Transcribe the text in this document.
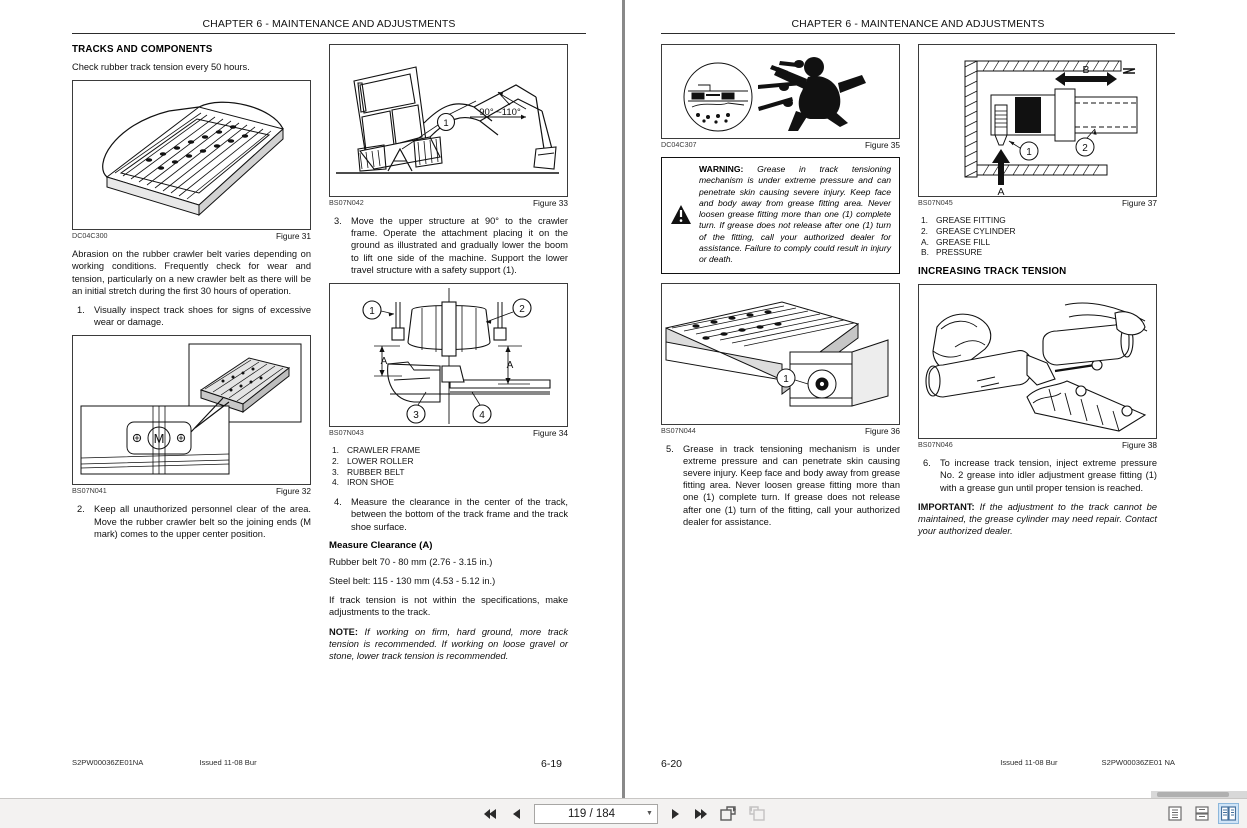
CHAPTER 6 - MAINTENANCE AND ADJUSTMENTS
TRACKS AND COMPONENTS

Check rubber track tension every 50 hours.

DC04C300	Figure 31

Abrasion on the rubber crawler belt varies depending on working conditions. Frequently check for wear and tension, particularly on a new crawler belt as there will be an initial stretch during the first 30 hours of operation.

1. Visually inspect track shoes for signs of excessive wear or damage.
M
BS07N041	Figure 32
2. Keep all unauthorized personnel clear of the area. Move the rubber crawler belt so the joining ends (M mark) comes to the upper center position.
1
90° ~110°
BS07N042	Figure 33
3. Move the upper structure at 90° to the crawler frame. Operate the attachment placing it on the ground as illustrated and gradually lower the boom to lift one side of the machine. Support the lower travel structure with a safety support (1).
1	2
3	4
A	A
BS07N043	Figure 34
1. CRAWLER FRAME
2. LOWER ROLLER
3. RUBBER BELT
4. IRON SHOE
4. Measure the clearance in the center of the track, between the bottom of the track frame and the track shoe surface.
Measure Clearance (A)

Rubber belt 70 - 80 mm (2.76 - 3.15 in.)

Steel belt: 115 - 130 mm (4.53 - 5.12 in.)

If track tension is not within the specifications, make adjustments to the track.

NOTE: If working on firm, hard ground, more track tension is recommended. If working on loose gravel or stone, lower track tension is recommended.

S2PW00036ZE01NA	Issued 11-08 Bur	6-19
CHAPTER 6 - MAINTENANCE AND ADJUSTMENTS
DC04C307	Figure 35

WARNING: Grease in track tensioning mechanism is under extreme pressure and can penetrate skin causing severe injury. Keep face and body away from grease fitting area. Never loosen grease fitting more than one (1) complete turn. If grease does not release after one (1) turn of the fitting, call your authorized dealer for assistance. Failure to comply could result in injury or death.

1
BS07N044	Figure 36
5. Grease in track tensioning mechanism is under extreme pressure and can penetrate skin causing severe injury. Keep face and body away from grease fitting area. Never loosen grease fitting more than one (1) complete turn. If grease does not release after one (1) turn of the fitting, call your authorized dealer for assistance.
1	2
A
B
BS07N045	Figure 37
1. GREASE FITTING
2. GREASE CYLINDER
A. GREASE FILL
B. PRESSURE
INCREASING TRACK TENSION
BS07N046	Figure 38
6. To increase track tension, inject extreme pressure No. 2 grease into idler adjustment grease fitting (1) with a grease gun until proper tension is reached.

IMPORTANT: If the adjustment to the track cannot be maintained, the grease cylinder may need repair. Contact your authorized dealer.

6-20	Issued 11-08 Bur	S2PW00036ZE01 NA
119 / 184	▼
